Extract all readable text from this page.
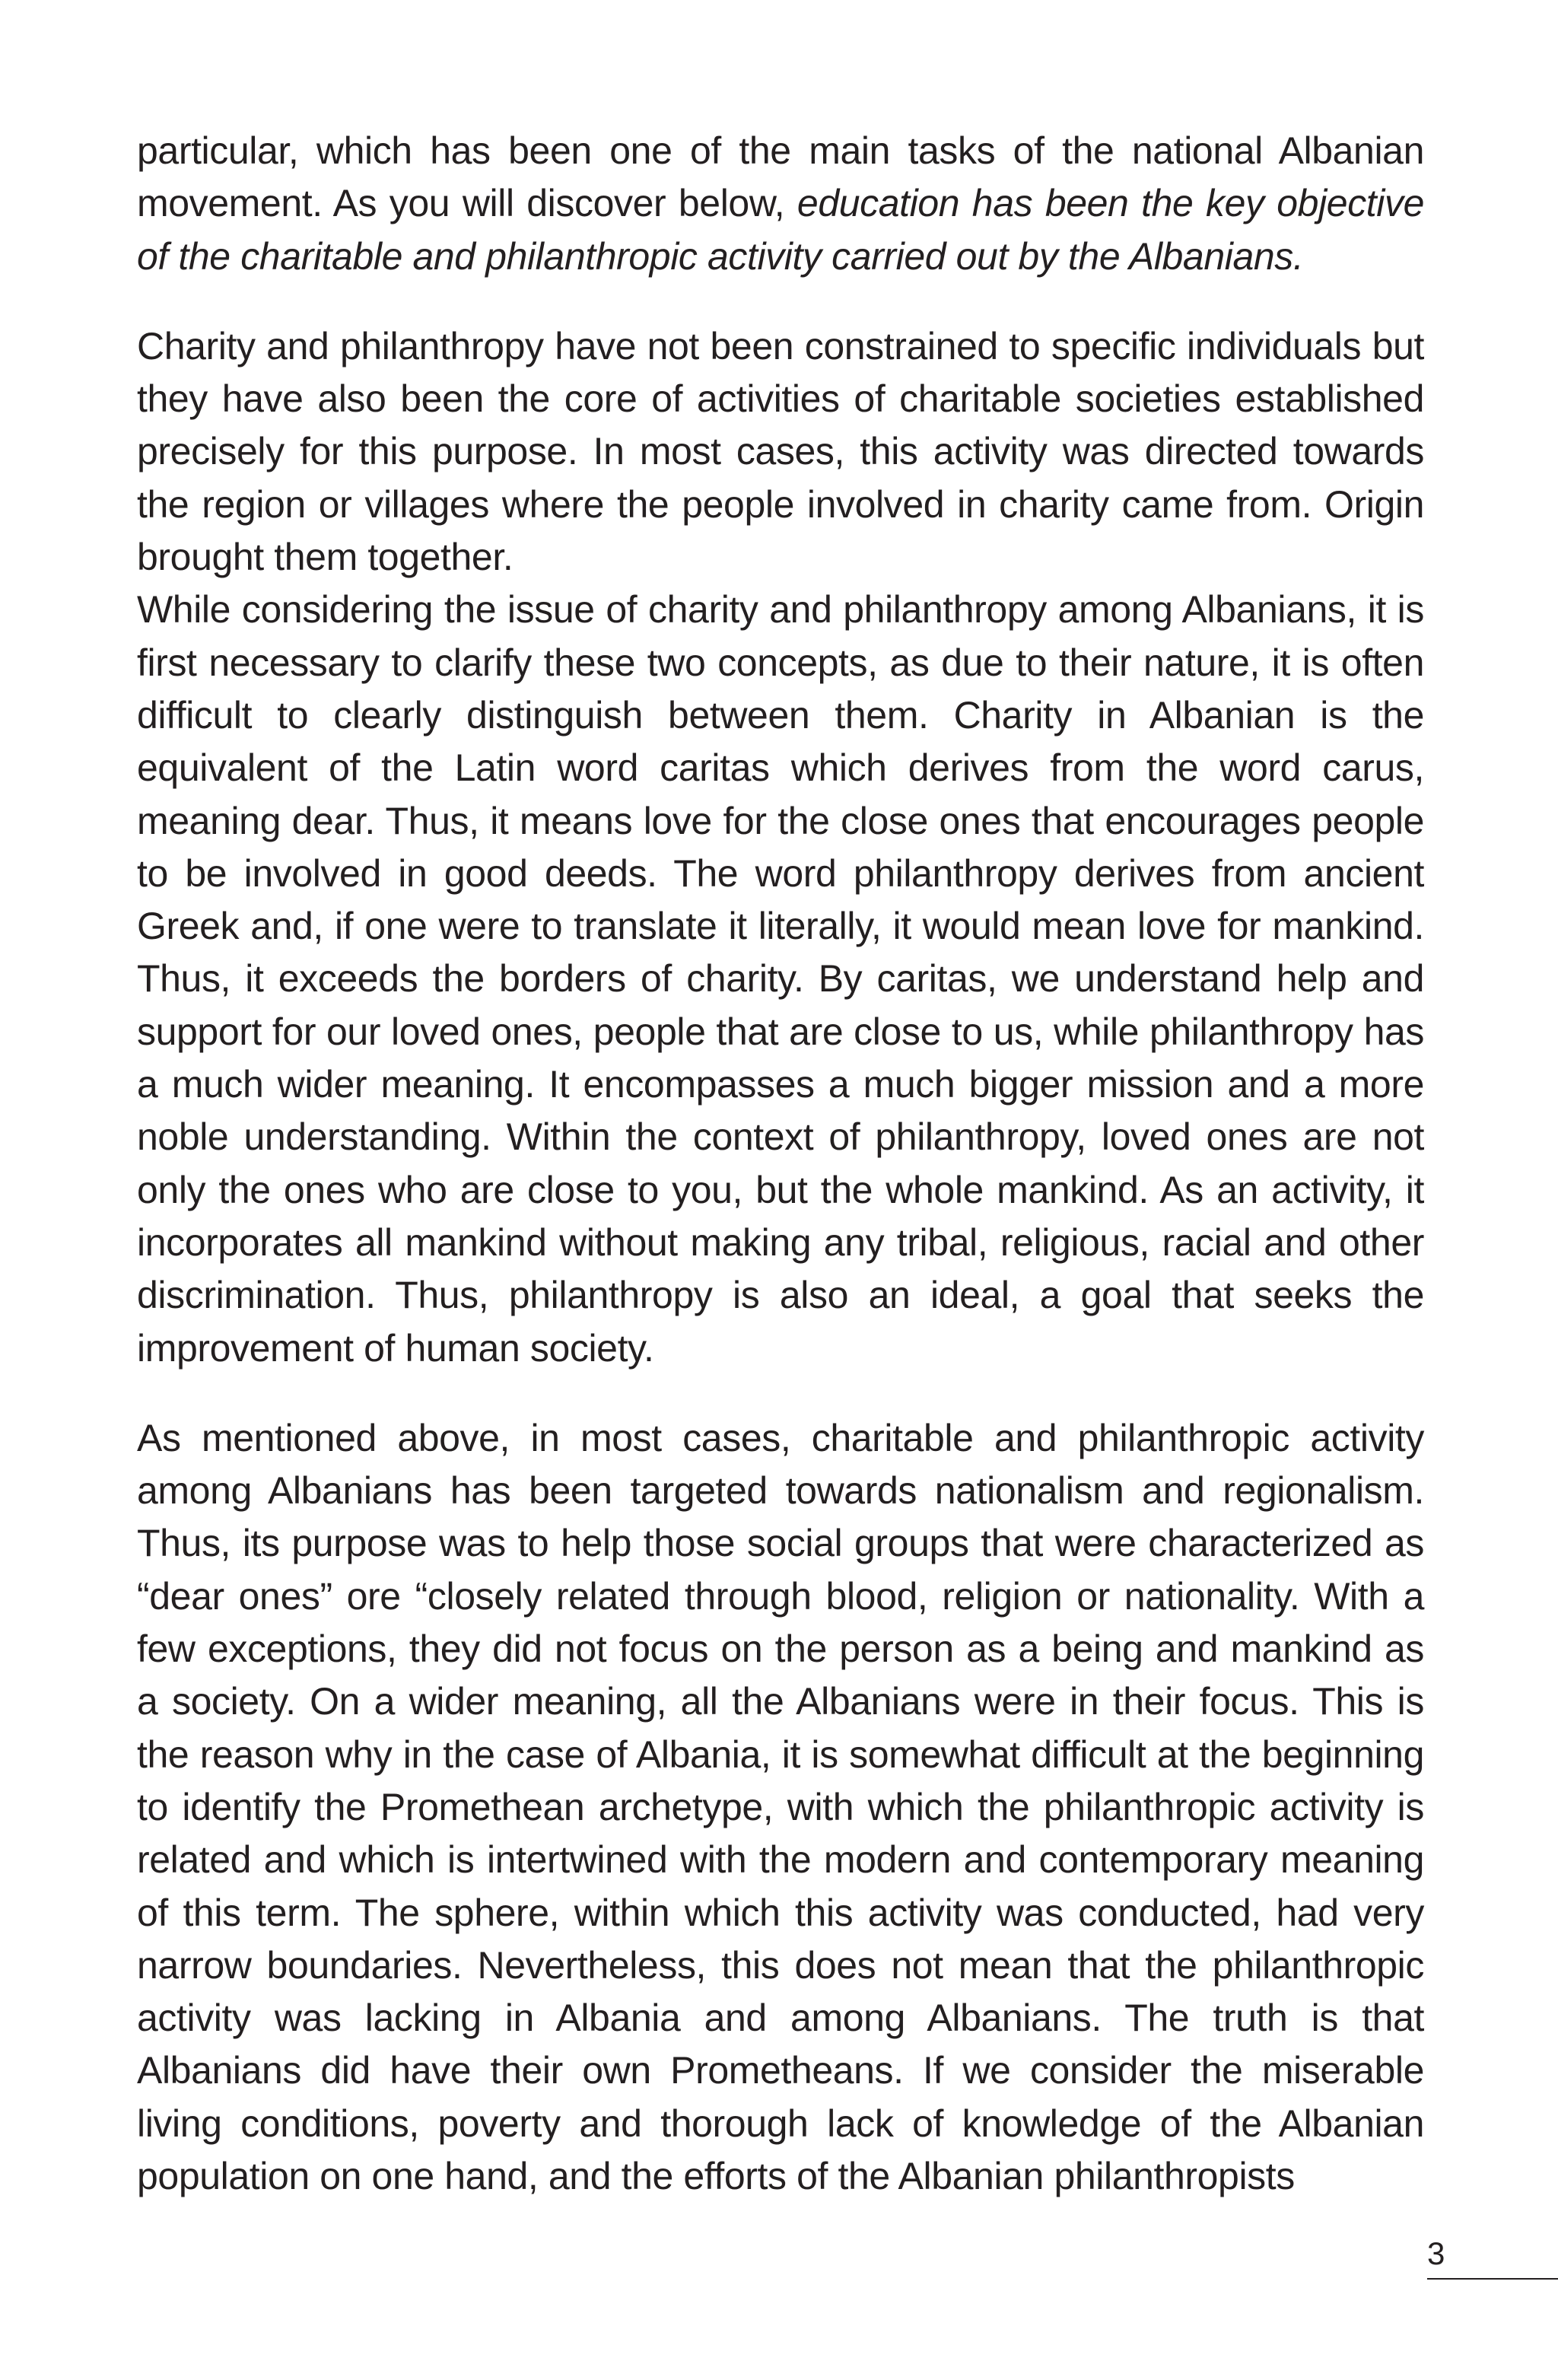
particular, which has been one of the main tasks of the national Albanian movement. As you will discover below, education has been the key objective of the charitable and philanthropic activity carried out by the Albanians.

Charity and philanthropy have not been constrained to specific individuals but they have also been the core of activities of charitable societies established precisely for this purpose. In most cases, this activity was directed towards the region or villages where the people involved in charity came from. Origin brought them together.

While considering the issue of charity and philanthropy among Albanians, it is first necessary to clarify these two concepts, as due to their nature, it is often difficult to clearly distinguish between them. Charity in Albanian is the equivalent of the Latin word caritas which derives from the word carus, meaning dear. Thus, it means love for the close ones that encourages people to be involved in good deeds. The word philanthropy derives from ancient Greek and, if one were to translate it literally, it would mean love for mankind. Thus, it exceeds the borders of charity. By caritas, we understand help and support for our loved ones, people that are close to us, while philanthropy has a much wider meaning. It encompasses a much bigger mission and a more noble understanding. Within the context of philanthropy, loved ones are not only the ones who are close to you, but the whole mankind. As an activity, it incorporates all mankind without making any tribal, religious, racial and other discrimination. Thus, philanthropy is also an ideal, a goal that seeks the improvement of human society.

As mentioned above, in most cases, charitable and philanthropic activity among Albanians has been targeted towards nationalism and regionalism. Thus, its purpose was to help those social groups that were characterized as “dear ones” ore “closely related through blood, religion or nationality. With a few exceptions, they did not focus on the person as a being and mankind as a society. On a wider meaning, all the Albanians were in their focus. This is the reason why in the case of Albania, it is somewhat difficult at the beginning to identify the Promethean archetype, with which the philanthropic activity is related and which is intertwined with the modern and contemporary meaning of this term. The sphere, within which this activity was conducted, had very narrow boundaries. Nevertheless, this does not mean that the philanthropic activity was lacking in Albania and among Albanians. The truth is that Albanians did have their own Prometheans. If we consider the miserable living conditions, poverty and thorough lack of knowledge of the Albanian population on one hand, and the efforts of the Albanian philanthropists

3
